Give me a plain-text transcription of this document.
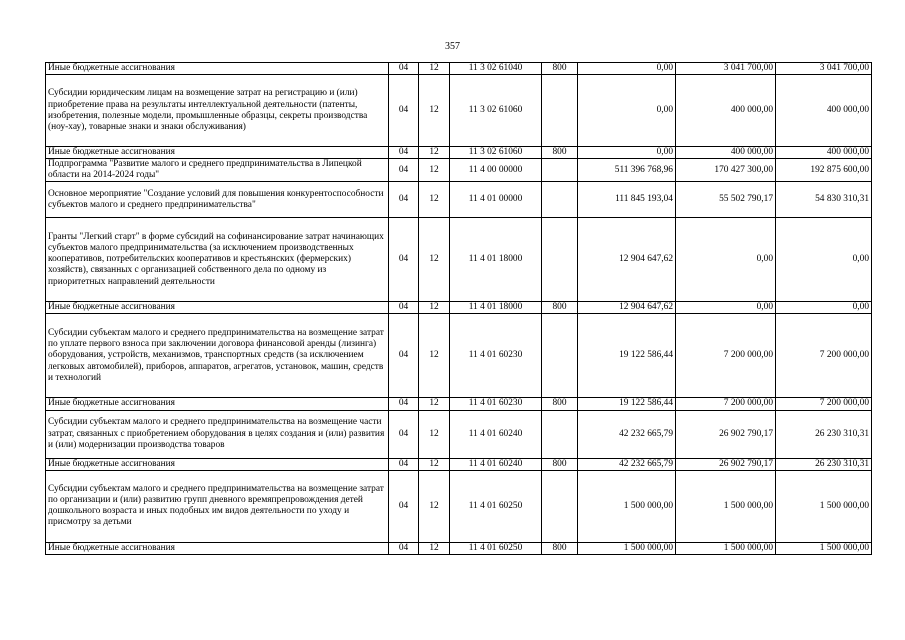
357
Иные бюджетные ассигнования	04	12	11 3 02 61040	800	0,00	3 041 700,00	3 041 700,00
Субсидии юридическим лицам на возмещение затрат на регистрацию и (или) приобретение права на результаты интеллектуальной деятельности (патенты, изобретения, полезные модели, промышленные образцы, секреты производства (ноу-хау), товарные знаки и знаки обслуживания)	04	12	11 3 02 61060		0,00	400 000,00	400 000,00
Иные бюджетные ассигнования	04	12	11 3 02 61060	800	0,00	400 000,00	400 000,00
Подпрограмма "Развитие малого и среднего предпринимательства в Липецкой области на 2014-2024 годы"	04	12	11 4 00 00000		511 396 768,96	170 427 300,00	192 875 600,00
Основное мероприятие "Создание условий для повышения конкурентоспособности субъектов малого и среднего предпринимательства"	04	12	11 4 01 00000		111 845 193,04	55 502 790,17	54 830 310,31
Гранты "Легкий старт" в форме субсидий на софинансирование затрат начинающих субъектов малого предпринимательства (за исключением производственных кооперативов, потребительских кооперативов и крестьянских (фермерских) хозяйств), связанных с организацией собственного дела по одному из приоритетных направлений деятельности	04	12	11 4 01 18000		12 904 647,62	0,00	0,00
Иные бюджетные ассигнования	04	12	11 4 01 18000	800	12 904 647,62	0,00	0,00
Субсидии субъектам малого и среднего предпринимательства на возмещение затрат по уплате первого взноса при заключении договора финансовой аренды (лизинга) оборудования, устройств, механизмов, транспортных средств (за исключением легковых автомобилей), приборов, аппаратов, агрегатов, установок, машин, средств и технологий	04	12	11 4 01 60230		19 122 586,44	7 200 000,00	7 200 000,00
Иные бюджетные ассигнования	04	12	11 4 01 60230	800	19 122 586,44	7 200 000,00	7 200 000,00
Субсидии субъектам малого и среднего предпринимательства на возмещение части затрат, связанных с приобретением оборудования в целях создания и (или) развития и (или) модернизации производства товаров	04	12	11 4 01 60240		42 232 665,79	26 902 790,17	26 230 310,31
Иные бюджетные ассигнования	04	12	11 4 01 60240	800	42 232 665,79	26 902 790,17	26 230 310,31
Субсидии субъектам малого и среднего предпринимательства на возмещение затрат по организации и (или) развитию групп дневного времяпрепровождения детей дошкольного возраста и иных подобных им видов деятельности по уходу и присмотру за детьми	04	12	11 4 01 60250		1 500 000,00	1 500 000,00	1 500 000,00
Иные бюджетные ассигнования	04	12	11 4 01 60250	800	1 500 000,00	1 500 000,00	1 500 000,00
